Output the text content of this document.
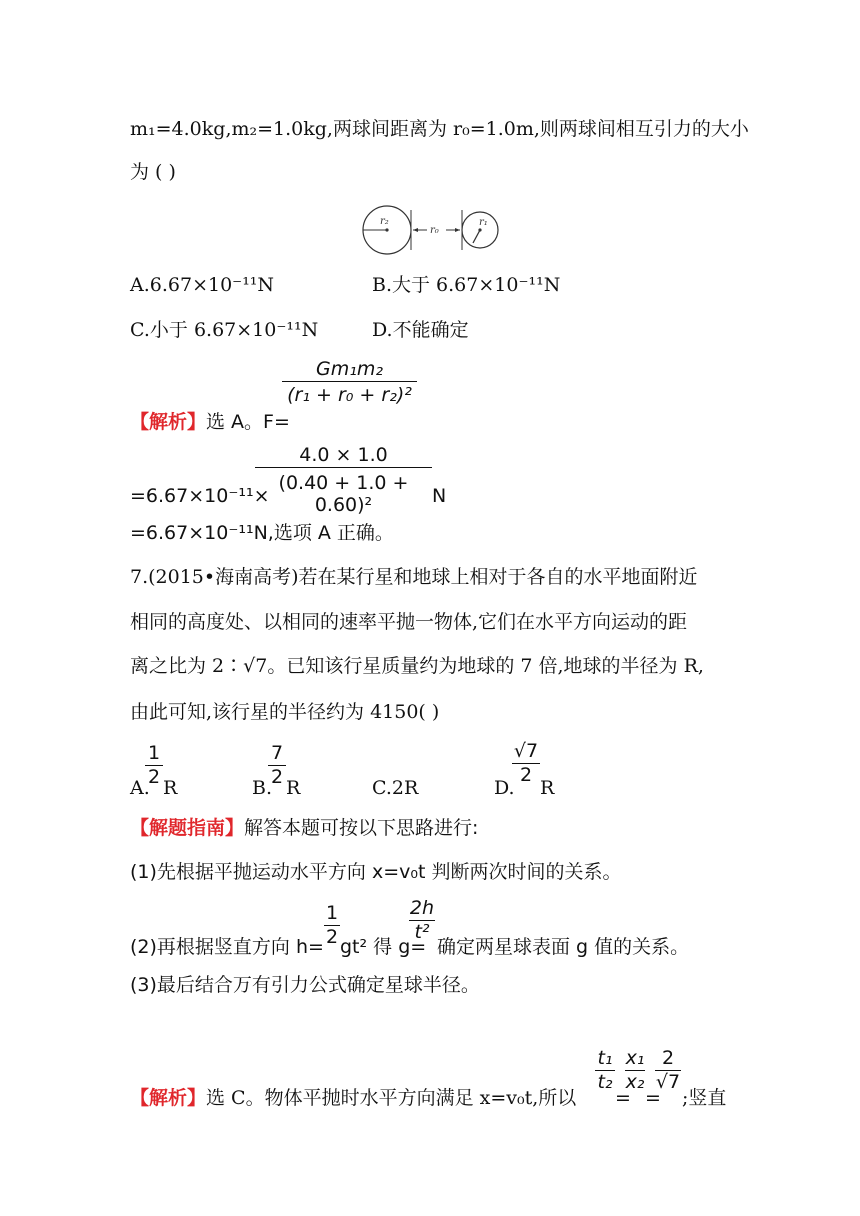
m₁=4.0kg,m₂=1.0kg,两球间距离为 r₀=1.0m,则两球间相互引力的大小
为 ( )
r₂
r₀
r₁
A.6.67×10⁻¹¹N	B.大于 6.67×10⁻¹¹N
C.小于 6.67×10⁻¹¹N	D.不能确定
【解析】选 A。F=
$\frac{\text{Gm₁m₂}}{\text{(r₁ + r₀ + r₂)²}}$
=6.67×10⁻¹¹×
$\frac{4.0 \times 1.0}{\text{(0.40 + 1.0 + 0.60)²}}$ N
=6.67×10⁻¹¹N,选项 A 正确。
7.(2015•海南高考)若在某行星和地球上相对于各自的水平地面附近
相同的高度处、以相同的速率平抛一物体,它们在水平方向运动的距
离之比为 2∶√7。已知该行星质量约为地球的 7 倍,地球的半径为 R,
由此可知,该行星的半径约为 4150( )
A.
$\frac{1}{2}$ R	B.
$\frac{7}{2}$ R	C.2R	D.
$\frac{√7}{2}$
R
【解题指南】解答本题可按以下思路进行:
(1)先根据平抛运动水平方向 x=v₀t 判断两次时间的关系。
(2)再根据竖直方向 $h= \frac{1}{2} gt^2$ 得 g=
$\frac{2h}{\text{t²}}$
确定两星球表面 g 值的关系。
(3)最后结合万有引力公式确定星球半径。
【解析】选 C。物体平抛时水平方向满足 x=v₀t,所以
$\frac{\text{t₁}}{\text{t₂}}$
=
$\frac{\text{x₁}}{\text{x₂}}$
=
$\frac{2}{√7}$
;竖直
